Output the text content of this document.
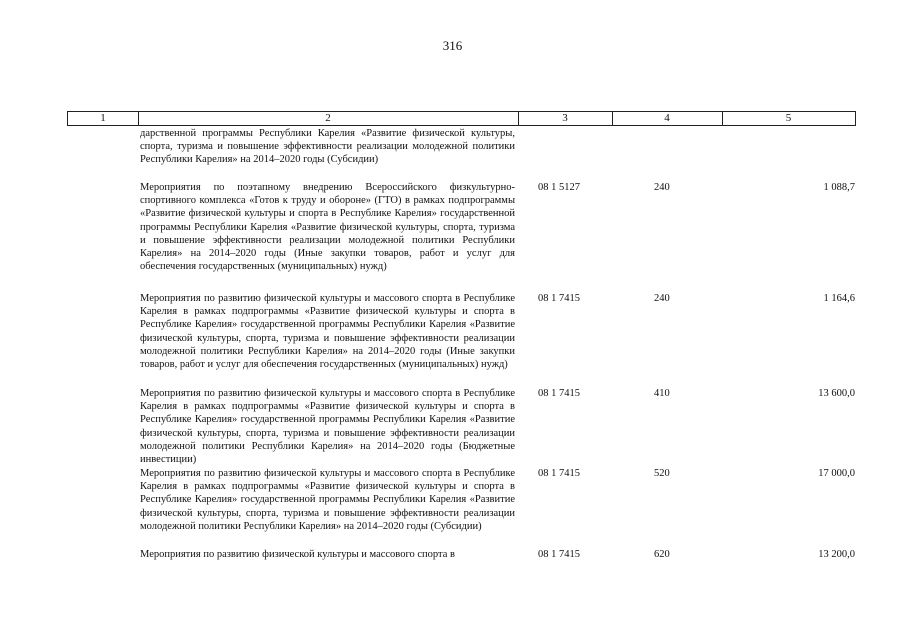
316
1	2	3	4	5
дарственной программы Республики Карелия «Развитие физической культуры, спорта, туризма и повышение эффективности реализации молодежной политики Республики Карелия» на 2014–2020 годы (Субсидии)
Мероприятия по поэтапному внедрению Всероссийского физкультурно-спортивного комплекса «Готов к труду и обороне» (ГТО) в рамках подпрограммы «Развитие физической культуры и спорта в Республике Карелия» государственной программы Республики Карелия «Развитие физической культуры, спорта, туризма и повышение эффективности реализации молодежной политики Республики Карелия» на 2014–2020 годы (Иные закупки товаров, работ и услуг для обеспечения государственных (муниципальных) нужд)
08 1 5127	240	1 088,7
Мероприятия по развитию физической культуры и массового спорта в Республике Карелия в рамках подпрограммы «Развитие физической культуры и спорта в Республике Карелия» государственной программы Республики Карелия «Развитие физической культуры, спорта, туризма и повышение эффективности реализации молодежной политики Республики Карелия» на 2014–2020 годы (Иные закупки товаров, работ и услуг для обеспечения государственных (муниципальных) нужд)
08 1 7415	240	1 164,6
Мероприятия по развитию физической культуры и массового спорта в Республике Карелия в рамках подпрограммы «Развитие физической культуры и спорта в Республике Карелия» государственной программы Республики Карелия «Развитие физической культуры, спорта, туризма и повышение эффективности реализации молодежной политики Республики Карелия» на 2014–2020 годы (Бюджетные инвестиции)
08 1 7415	410	13 600,0
Мероприятия по развитию физической культуры и массового спорта в Республике Карелия в рамках подпрограммы «Развитие физической культуры и спорта в Республике Карелия» государственной программы Республики Карелия «Развитие физической культуры, спорта, туризма и повышение эффективности реализации молодежной политики Республики Карелия» на 2014–2020 годы (Субсидии)
08 1 7415	520	17 000,0
Мероприятия по развитию физической культуры и массового спорта в	08 1 7415	620	13 200,0
